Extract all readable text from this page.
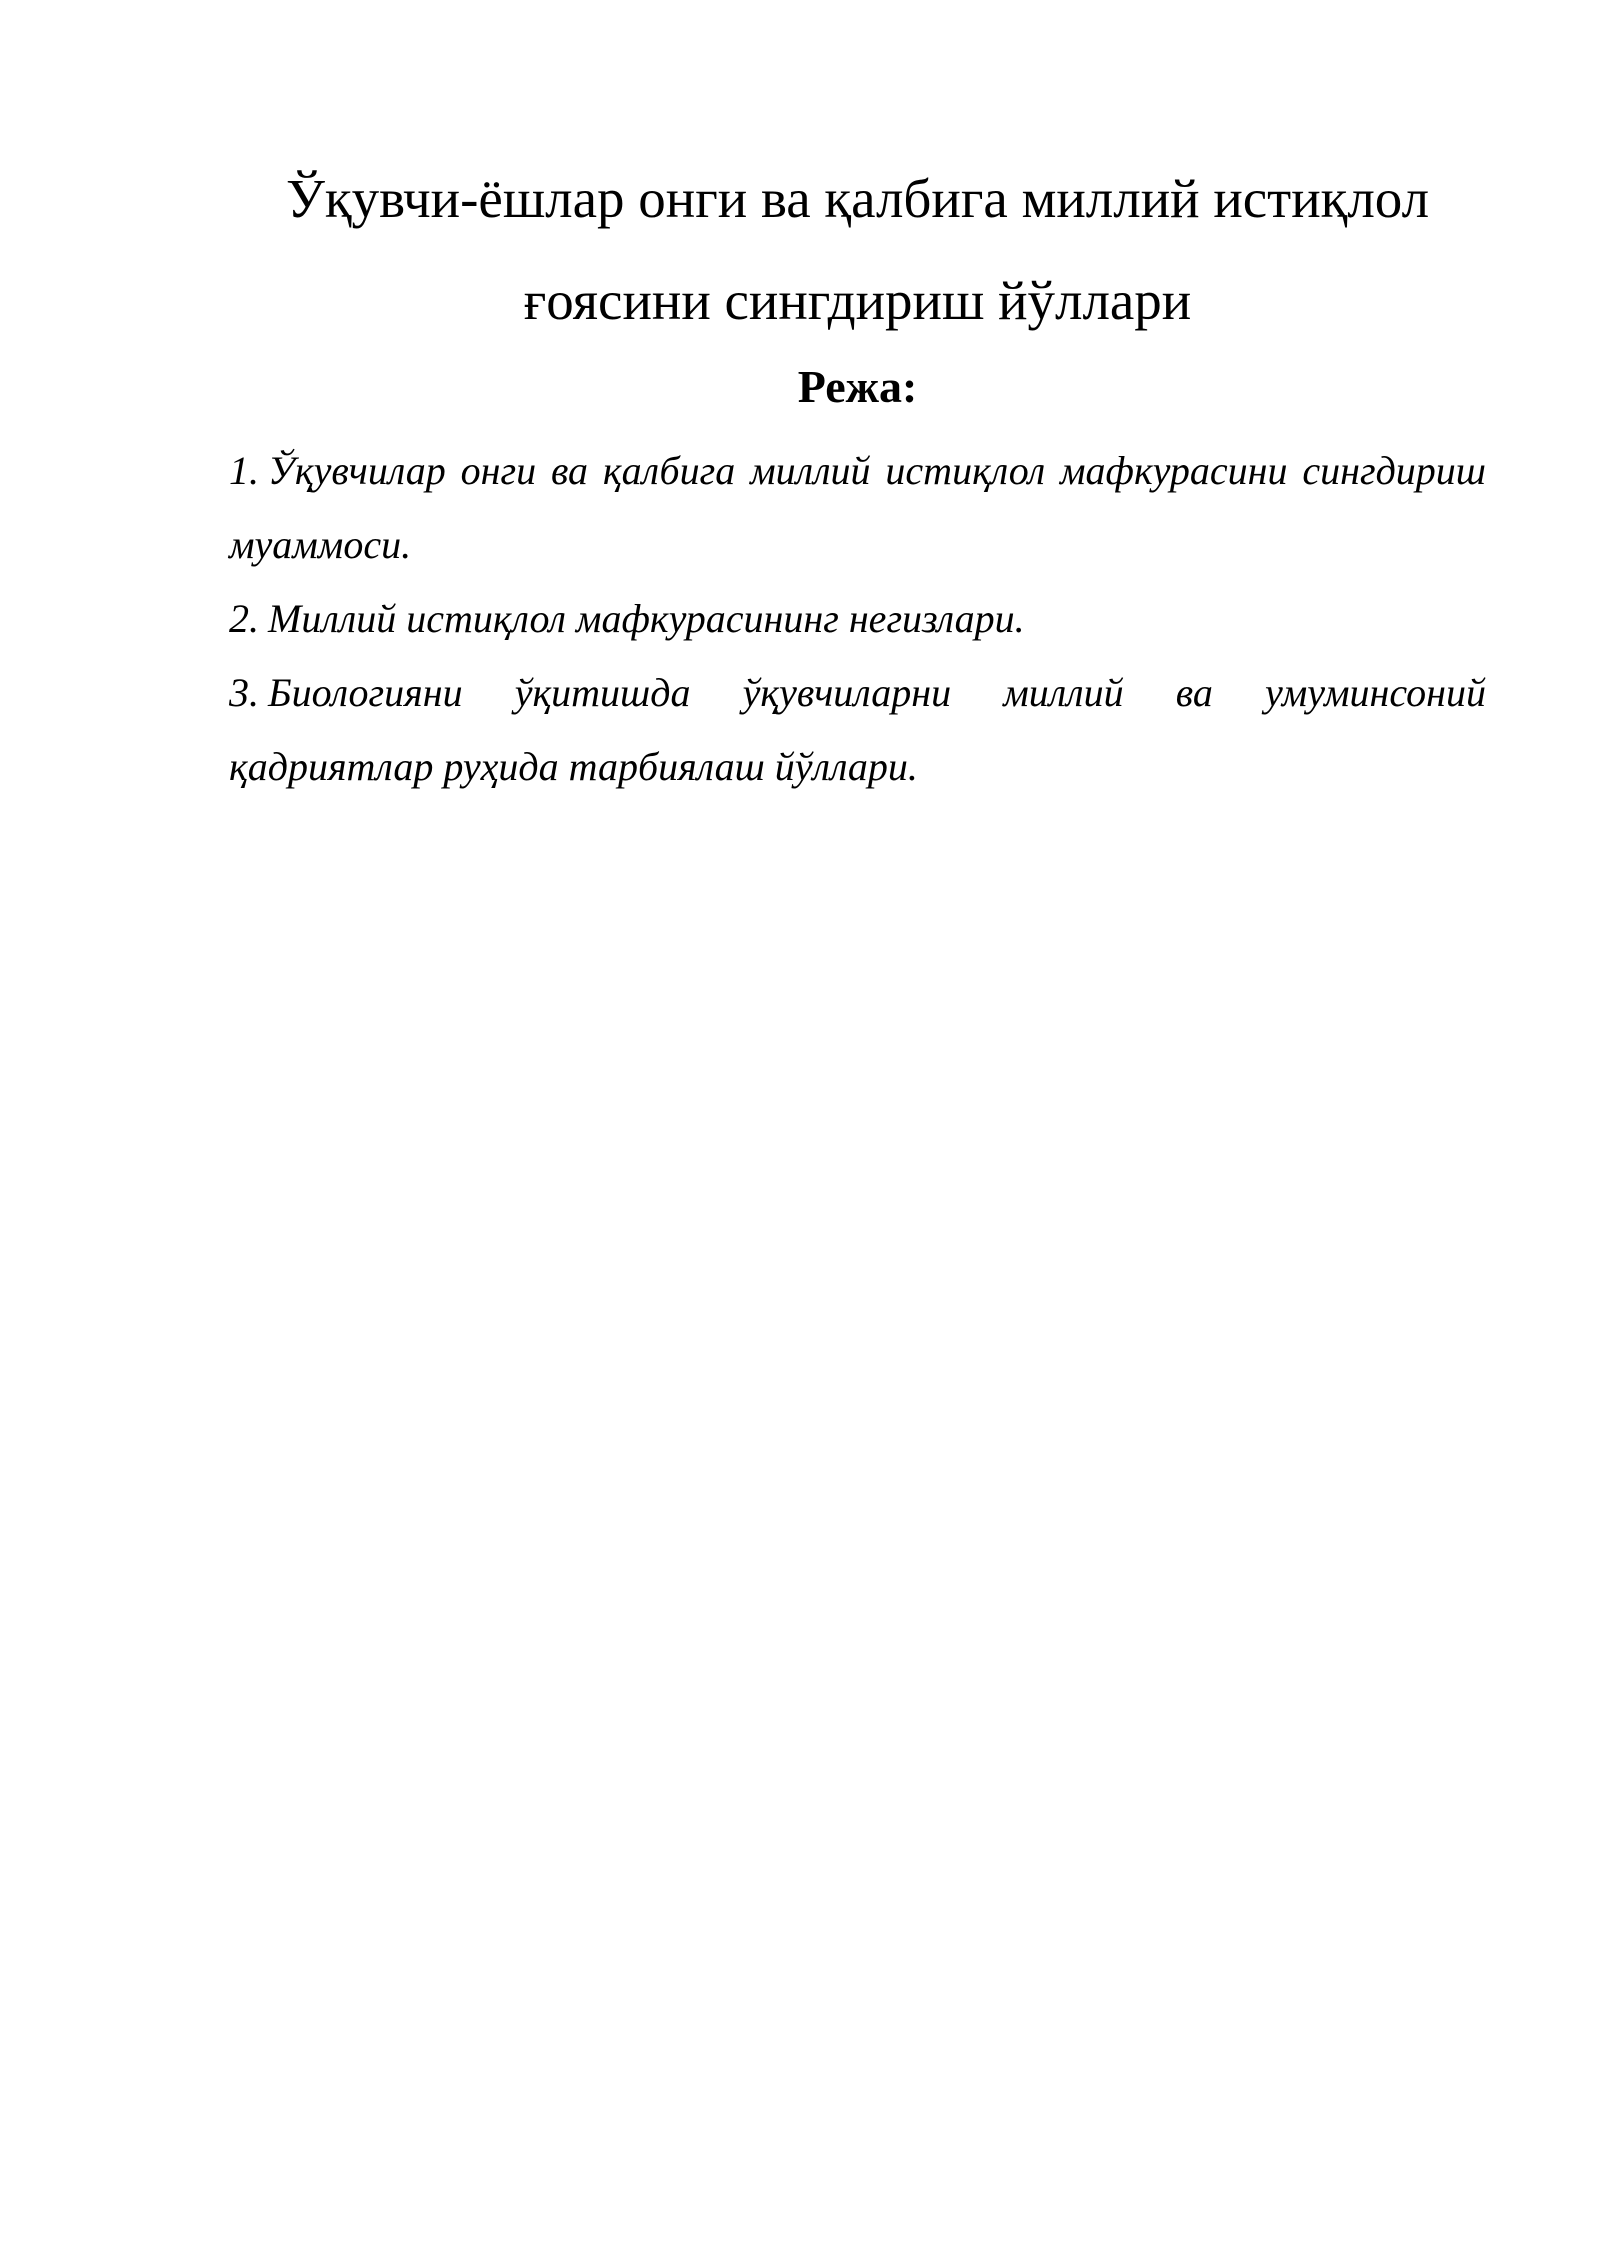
Ўқувчи-ёшлар онги ва қалбига миллий истиқлол ғоясини сингдириш йўллари
Режа:
1. Ўқувчилар онги ва қалбига миллий истиқлол мафкурасини сингдириш муаммоси.
2. Миллий истиқлол мафкурасининг негизлари.
3. Биологияни ўқитишда ўқувчиларни миллий ва умуминсоний қадриятлар руҳида тарбиялаш йўллари.
